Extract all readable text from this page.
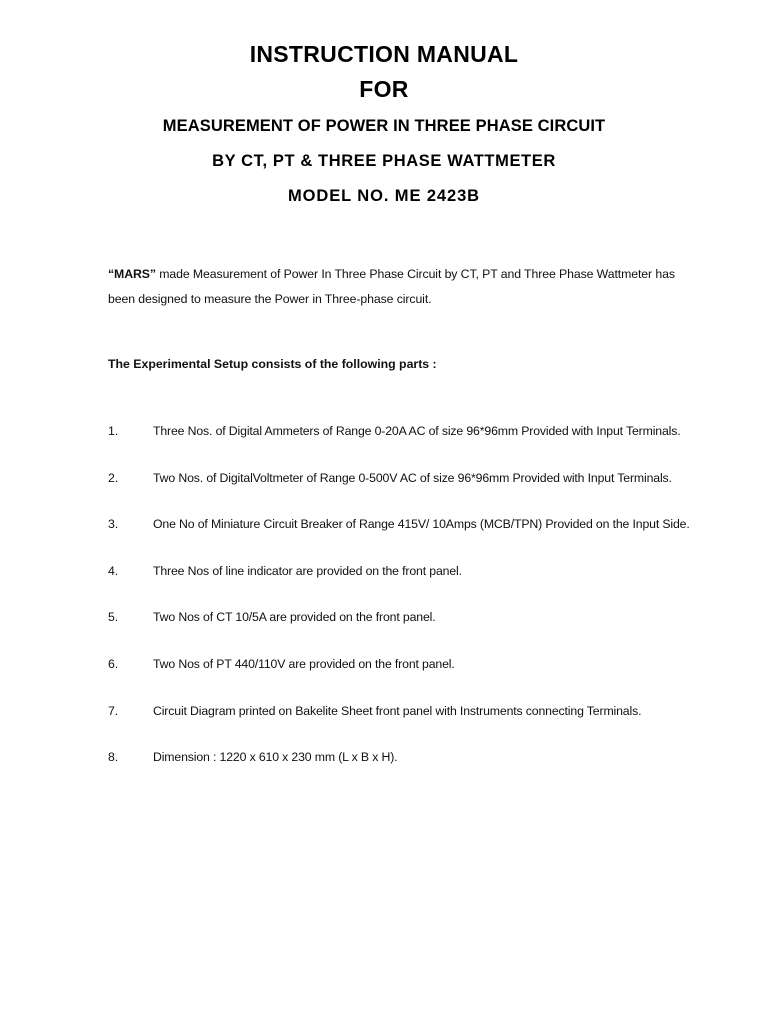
INSTRUCTION MANUAL
FOR
MEASUREMENT OF POWER IN THREE PHASE CIRCUIT
BY CT, PT & THREE PHASE WATTMETER
MODEL NO. ME 2423B

“MARS” made Measurement of Power In Three Phase Circuit by CT, PT and Three Phase Wattmeter has
been designed to measure the Power in Three-phase circuit.

The Experimental Setup consists of the following parts :

1.	Three Nos. of Digital Ammeters of Range 0-20A AC of size 96*96mm Provided with Input Terminals.
2.	Two Nos. of DigitalVoltmeter of Range 0-500V AC of size 96*96mm Provided with Input Terminals.
3.	One No of Miniature Circuit Breaker of Range 415V/ 10Amps (MCB/TPN) Provided on the Input Side.
4.	Three Nos of line indicator are provided on the front panel.
5.	Two Nos of CT 10/5A are provided on the front panel.
6.	Two Nos of PT 440/110V are provided on the front panel.
7.	Circuit Diagram printed on Bakelite Sheet front panel with Instruments connecting Terminals.
8.	Dimension : 1220 x 610 x 230 mm (L x B x H).
